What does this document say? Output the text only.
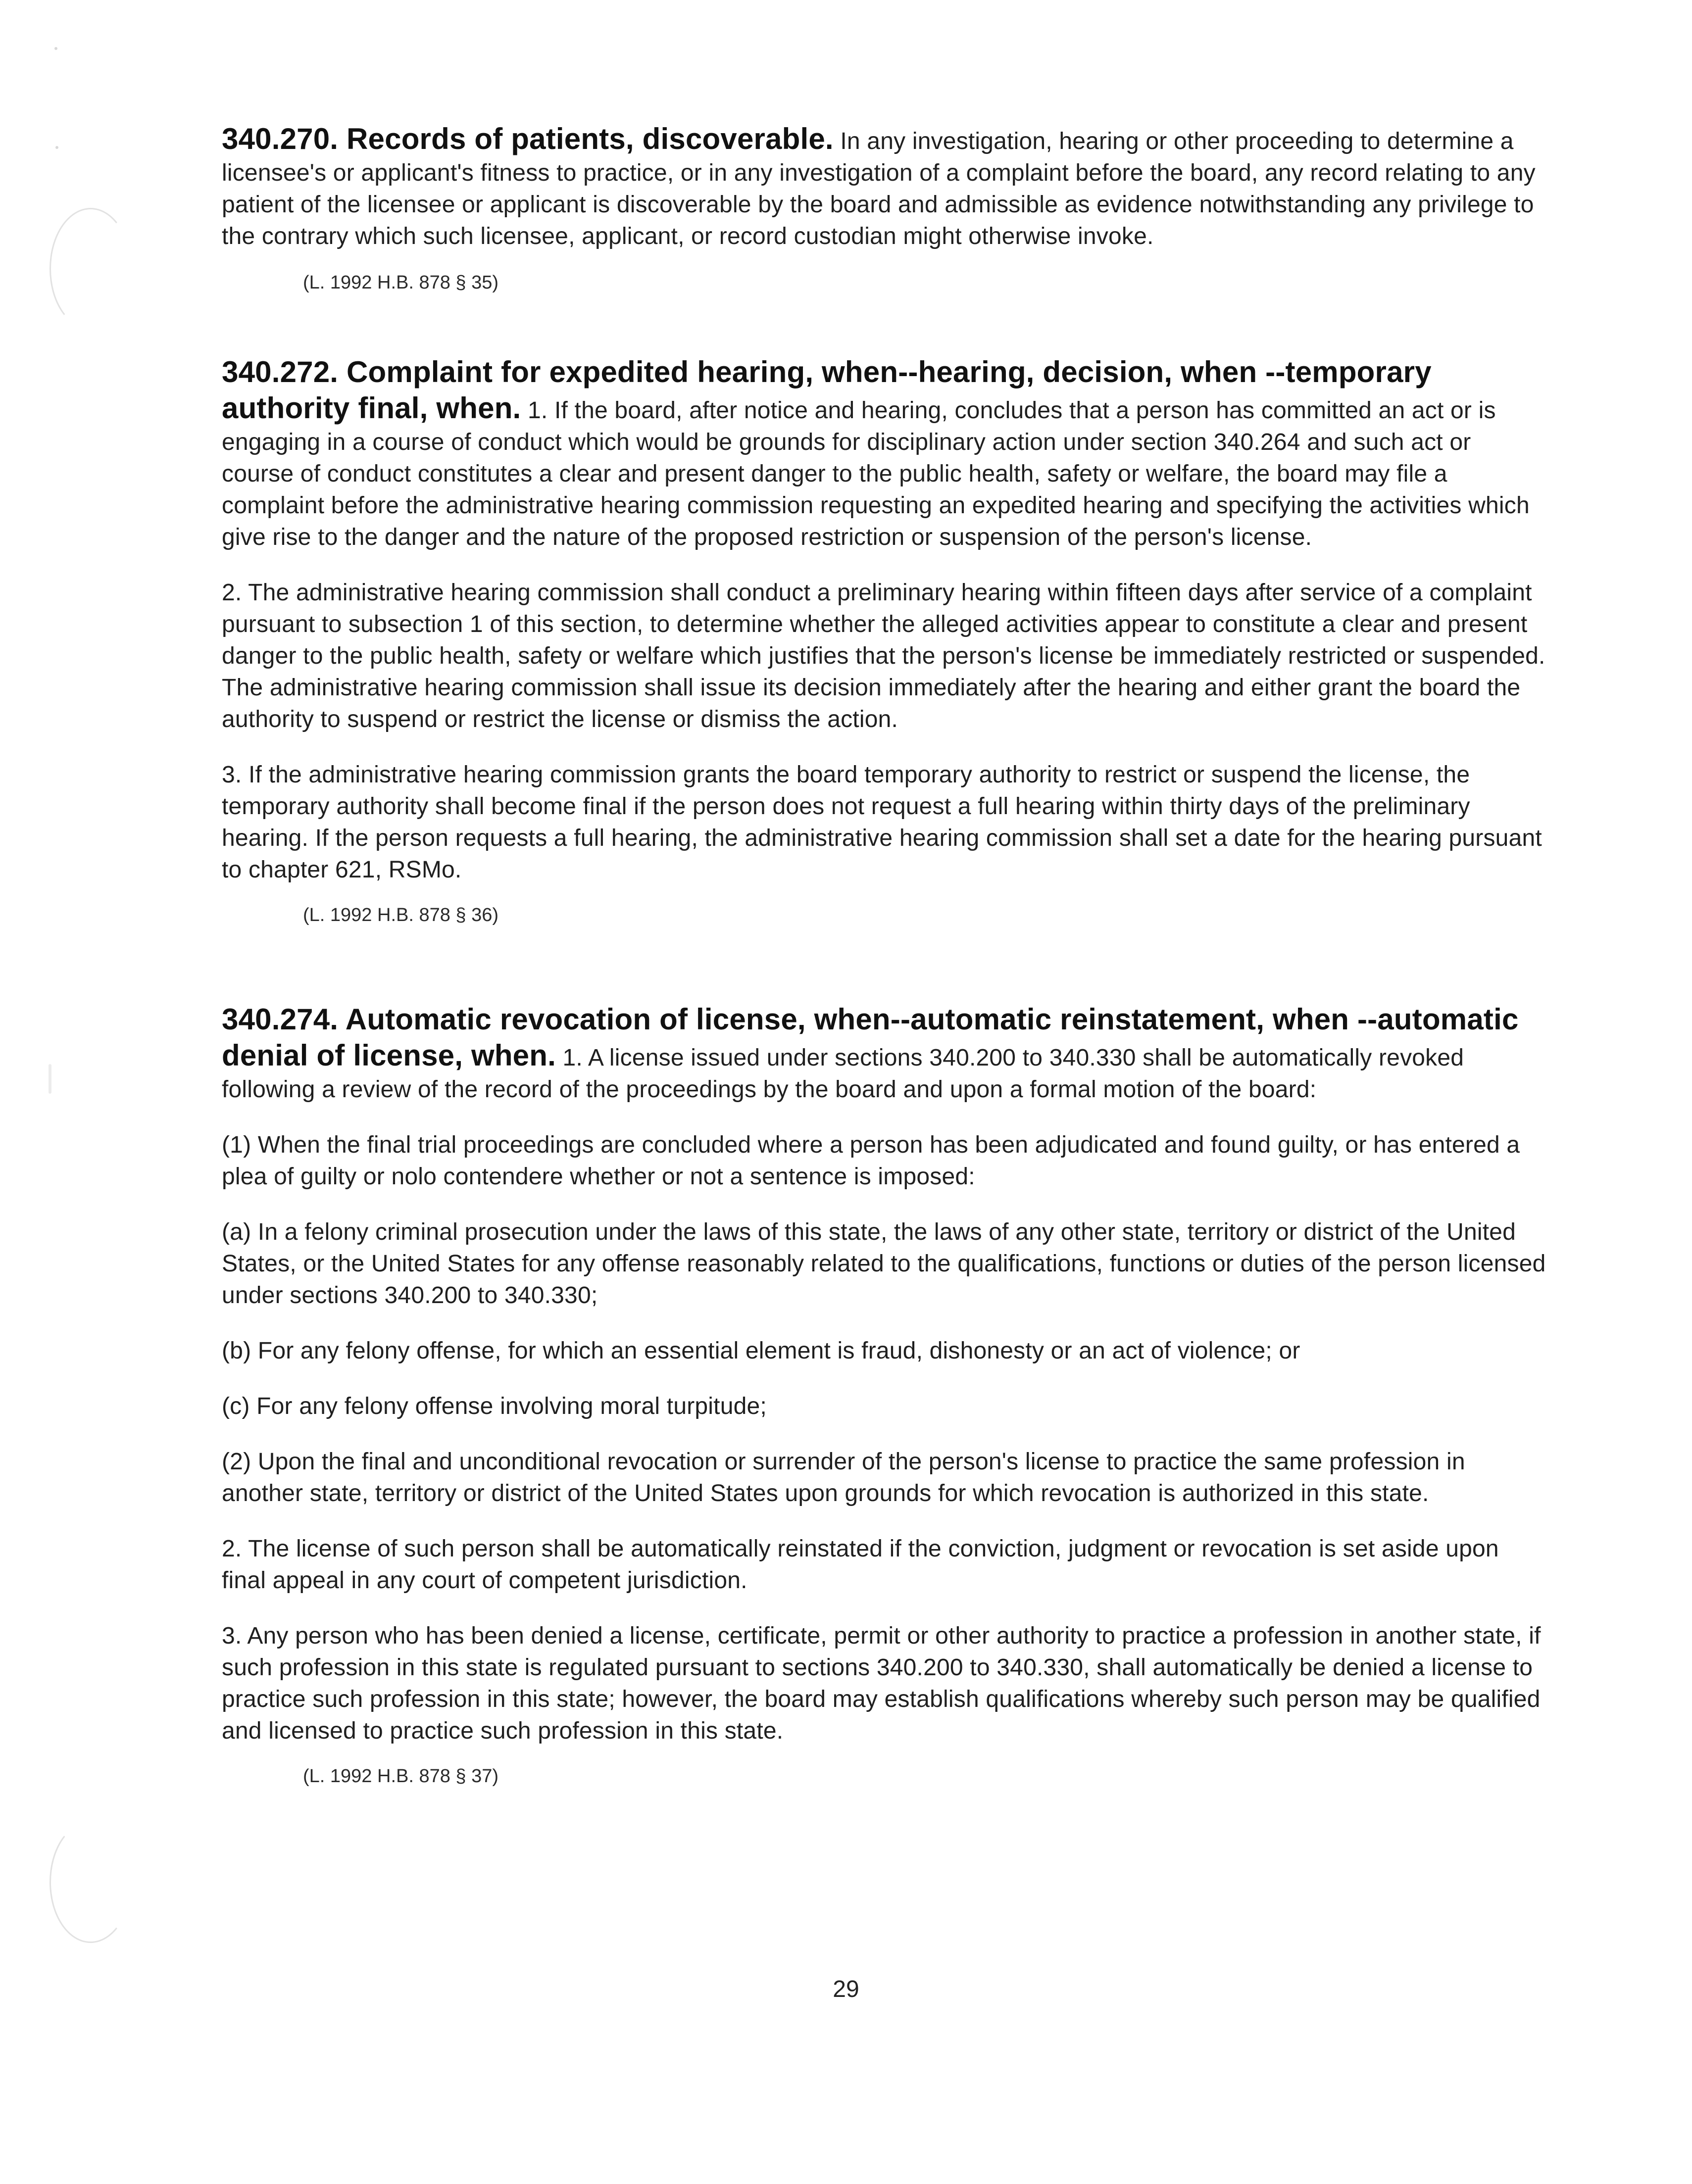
340.270. Records of patients, discoverable. In any investigation, hearing or other proceeding to determine a licensee's or applicant's fitness to practice, or in any investigation of a complaint before the board, any record relating to any patient of the licensee or applicant is discoverable by the board and admissible as evidence notwithstanding any privilege to the contrary which such licensee, applicant, or record custodian might otherwise invoke.

(L. 1992 H.B. 878 § 35)

340.272. Complaint for expedited hearing, when--hearing, decision, when --temporary authority final, when. 1. If the board, after notice and hearing, concludes that a person has committed an act or is engaging in a course of conduct which would be grounds for disciplinary action under section 340.264 and such act or course of conduct constitutes a clear and present danger to the public health, safety or welfare, the board may file a complaint before the administrative hearing commission requesting an expedited hearing and specifying the activities which give rise to the danger and the nature of the proposed restriction or suspension of the person's license.

2. The administrative hearing commission shall conduct a preliminary hearing within fifteen days after service of a complaint pursuant to subsection 1 of this section, to determine whether the alleged activities appear to constitute a clear and present danger to the public health, safety or welfare which justifies that the person's license be immediately restricted or suspended. The administrative hearing commission shall issue its decision immediately after the hearing and either grant the board the authority to suspend or restrict the license or dismiss the action.

3. If the administrative hearing commission grants the board temporary authority to restrict or suspend the license, the temporary authority shall become final if the person does not request a full hearing within thirty days of the preliminary hearing. If the person requests a full hearing, the administrative hearing commission shall set a date for the hearing pursuant to chapter 621, RSMo.

(L. 1992 H.B. 878 § 36)

340.274. Automatic revocation of license, when--automatic reinstatement, when --automatic denial of license, when. 1. A license issued under sections 340.200 to 340.330 shall be automatically revoked following a review of the record of the proceedings by the board and upon a formal motion of the board:

(1) When the final trial proceedings are concluded where a person has been adjudicated and found guilty, or has entered a plea of guilty or nolo contendere whether or not a sentence is imposed:

(a) In a felony criminal prosecution under the laws of this state, the laws of any other state, territory or district of the United States, or the United States for any offense reasonably related to the qualifications, functions or duties of the person licensed under sections 340.200 to 340.330;

(b) For any felony offense, for which an essential element is fraud, dishonesty or an act of violence; or

(c) For any felony offense involving moral turpitude;

(2) Upon the final and unconditional revocation or surrender of the person's license to practice the same profession in another state, territory or district of the United States upon grounds for which revocation is authorized in this state.

2. The license of such person shall be automatically reinstated if the conviction, judgment or revocation is set aside upon final appeal in any court of competent jurisdiction.

3. Any person who has been denied a license, certificate, permit or other authority to practice a profession in another state, if such profession in this state is regulated pursuant to sections 340.200 to 340.330, shall automatically be denied a license to practice such profession in this state; however, the board may establish qualifications whereby such person may be qualified and licensed to practice such profession in this state.

(L. 1992 H.B. 878 § 37)

29
